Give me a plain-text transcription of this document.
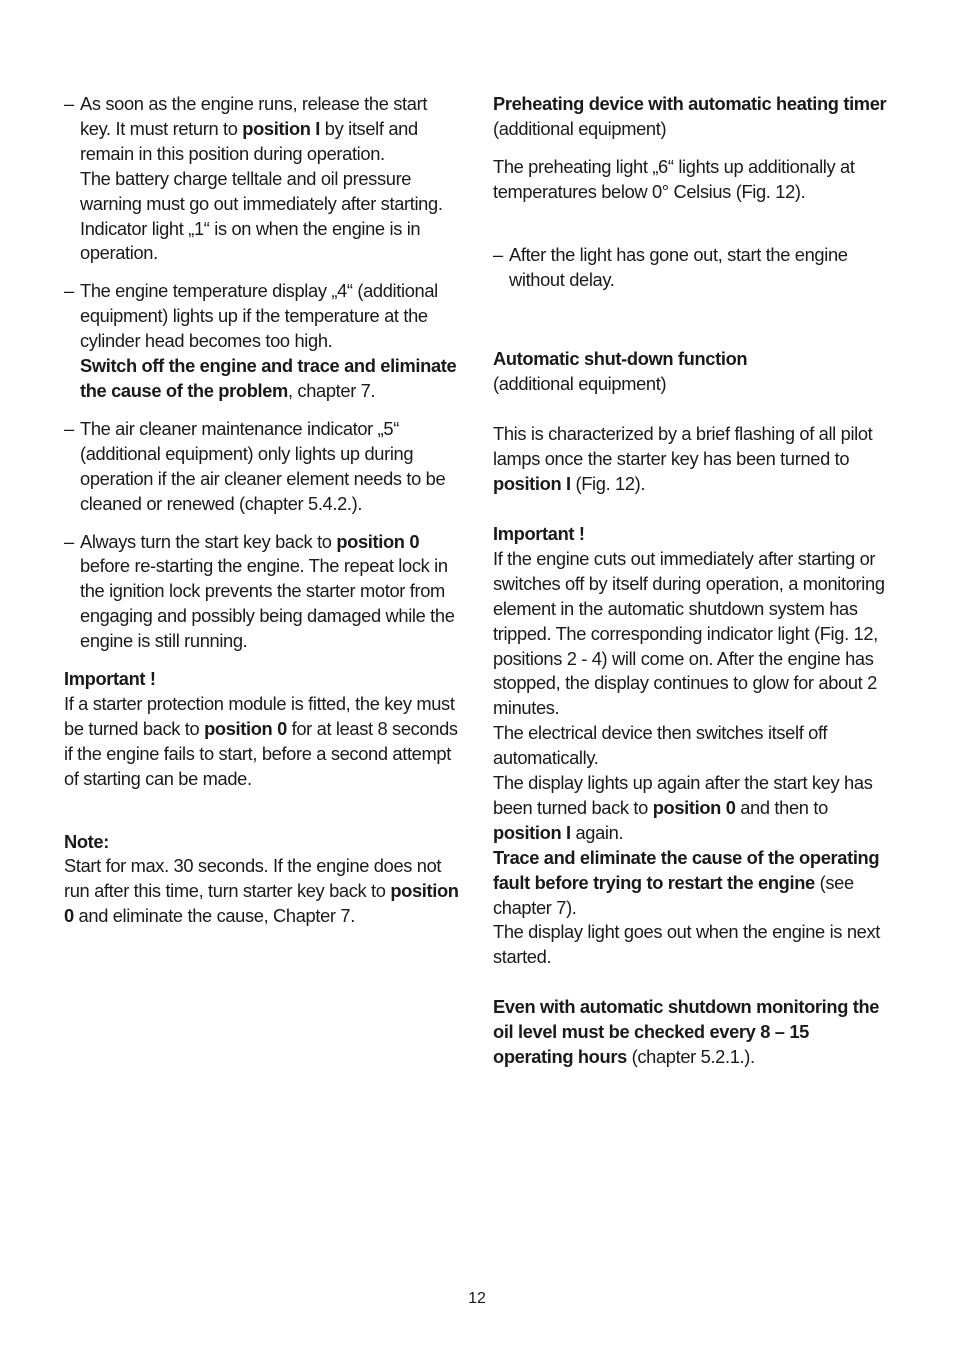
– As soon as the engine runs, release the start key. It must return to position I by itself and remain in this position during operation.

The battery charge telltale and oil pressure warning must go out immediately after starting. Indicator light „1“ is on when the engine is in operation.

– The engine temperature display „4“ (additional equipment) lights up if the temperature at the cylinder head becomes too high.

Switch off the engine and trace and eliminate the cause of the problem, chapter 7.

– The air cleaner maintenance indicator „5“ (additional equipment) only lights up during operation if the air cleaner element needs to be cleaned or renewed (chapter 5.4.2.).

– Always turn the start key back to position 0 before re-starting the engine. The repeat lock in the ignition lock prevents the starter motor from engaging and possibly being damaged while the engine is still running.

Important !

If a starter protection module is fitted, the key must be turned back to position 0 for at least 8 seconds if the engine fails to start, before a second attempt of starting can be made.

Note:

Start for max. 30 seconds. If the engine does not run after this time, turn starter key back to position 0 and eliminate the cause, Chapter 7.

Preheating device with automatic heating timer (additional equipment)

The preheating light „6“ lights up additionally at temperatures below 0° Celsius (Fig. 12).

– After the light has gone out, start the engine without delay.

Automatic shut-down function

(additional equipment)

This is characterized by a brief flashing of all pilot lamps once the starter key has been turned to position I (Fig. 12).

Important !

If the engine cuts out immediately after starting or switches off by itself during operation, a monitoring element in the automatic shutdown system has tripped. The corresponding indicator light (Fig. 12, positions 2 - 4) will come on. After the engine has stopped, the display continues to glow for about 2 minutes.

The electrical device then switches itself off automatically.

The display lights up again after the start key has been turned back to position 0 and then to position I again.

Trace and eliminate the cause of the operating fault before trying to restart the engine (see chapter 7).

The display light goes out when the engine is next started.

Even with automatic shutdown monitoring the oil level must be checked every 8 – 15 operating hours (chapter 5.2.1.).

12
